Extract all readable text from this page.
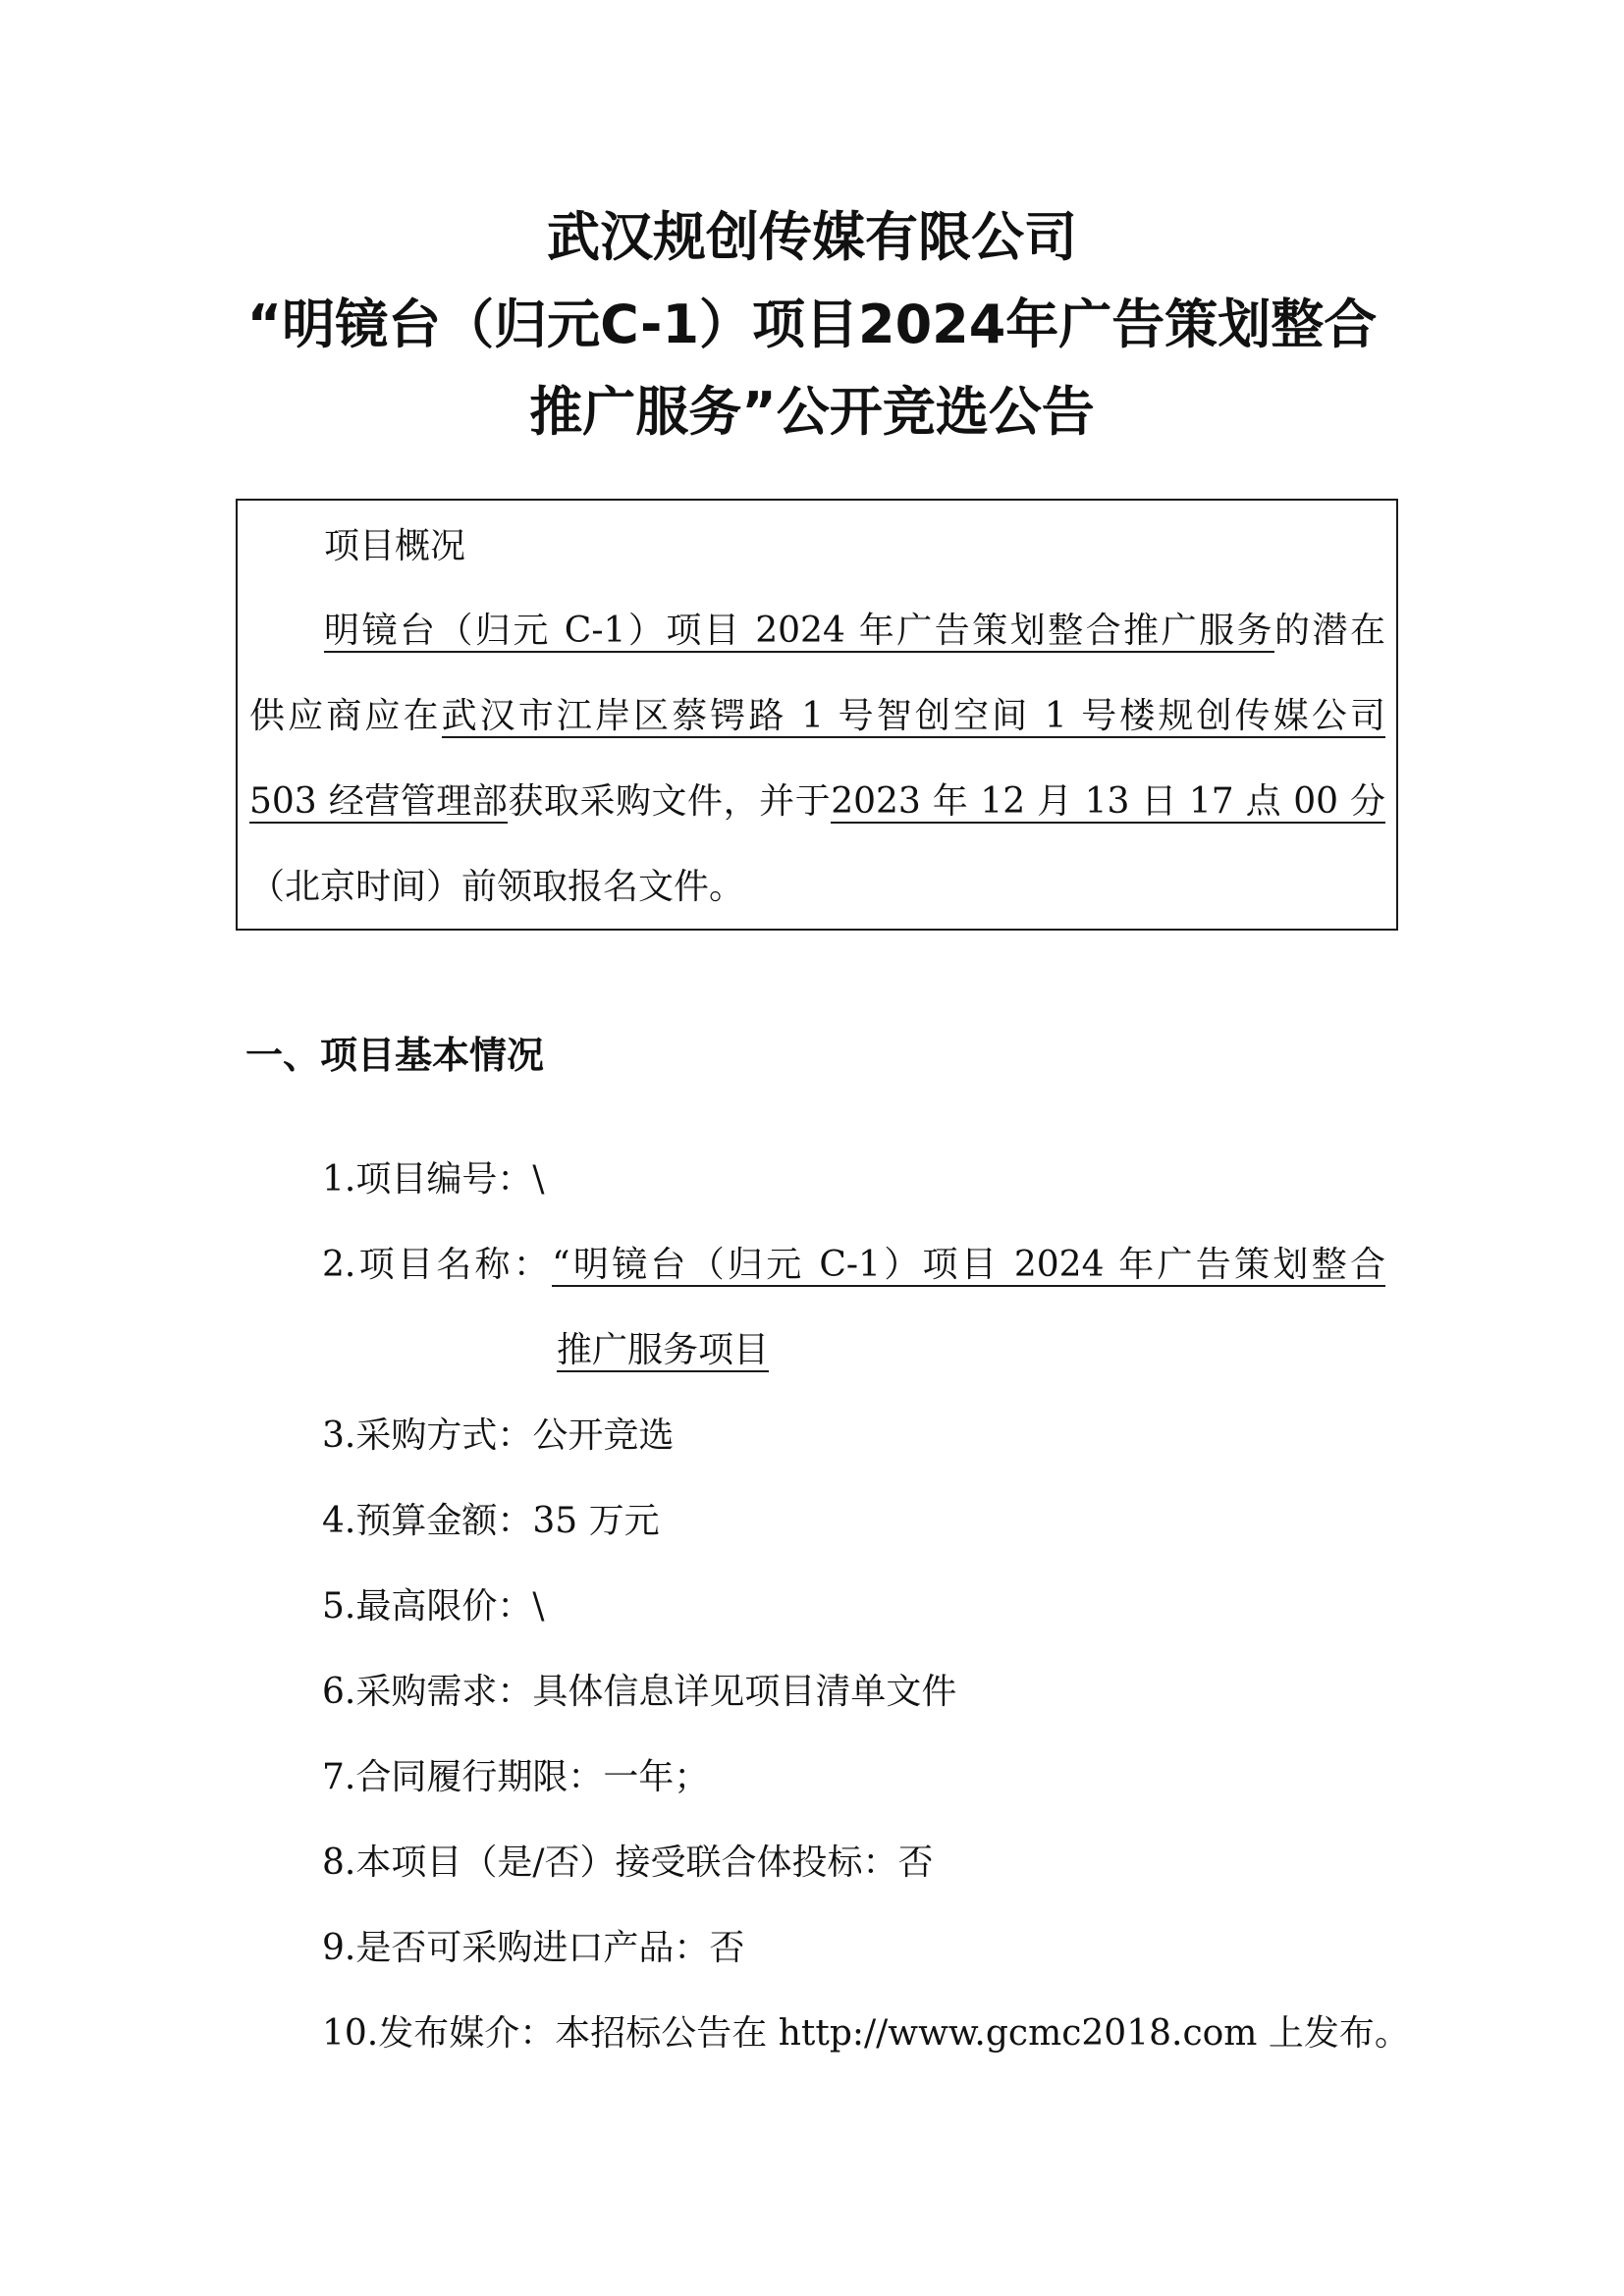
武汉规创传媒有限公司
“明镜台（归元C-1）项目2024年广告策划整合
推广服务”公开竞选公告
项目概况
明镜台（归元 C-1）项目 2024 年广告策划整合推广服务的潜在
供应商应在武汉市江岸区蔡锷路 1 号智创空间 1 号楼规创传媒公司
503 经营管理部获取采购文件，并于2023 年 12 月 13 日 17 点 00 分
（北京时间）前领取报名文件。
一、项目基本情况
1.项目编号：\
2.项目名称：“明镜台（归元 C-1）项目 2024 年广告策划整合
推广服务项目
3.采购方式：公开竞选
4.预算金额：35 万元
5.最高限价：\
6.采购需求：具体信息详见项目清单文件
7.合同履行期限：一年；
8.本项目（是/否）接受联合体投标：否
9.是否可采购进口产品：否
10.发布媒介：本招标公告在 http://www.gcmc2018.com 上发布。
